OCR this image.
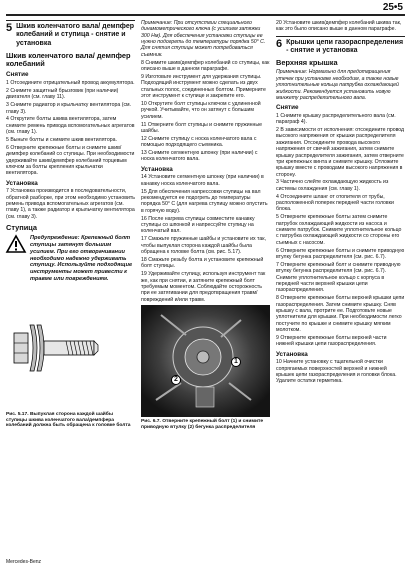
25•5
5 Шкив коленчатого вала/ демпфер колебаний и ступица - снятие и установка
Шкив коленчатого вала/ демпфер колебаний
Снятие

1 Отсоедините отрицательный провод аккумулятора.

2 Снимите защитный брызговик (при наличии) двигателя (см. главу 11).

3 Снимите радиатор и крыльчатку вентилятора (см. главу 3).

4 Открутите болты шкива вентилятора, затем снимите ремень привода вспомогательных агрегатов (см. главу 1).

5 Выньте болты и снимите шкив вентилятора.

6 Отверните крепежные болты и снимите шкив/демпфер колебаний со ступицы. При необходимости удерживайте шкив/демпфер колебаний торцевым ключом за болты крепления крыльчатки вентилятора.

Установка

7 Установка производится в последовательности, обратной разборке, при этом необходимо установить ремень привода вспомогательных агрегатов (см. главу 1), а также радиатор и крыльчатку вентилятора (см. главу 3).

Ступица
Предупреждение: Крепежный болт ступицы затянут большим усилием. При его отворачивании необходимо надежно удерживать ступицу. Используйте подходящие инструменты может привести к травме или повреждениям.
Рис. 5.17. Выпуклая сторона каждой шайбы ступицы шкива коленчатого вала/демпфера колебаний должна быть обращена к головке болта

Примечание: При отсутствии специального динамометрического ключа (с усилием затяжки 300 Нм). Для обеспечения установки ступицы ее нужно подогреть до температуры порядка 50° С. Для снятия ступицы может потребоваться съемник.

8 Снимите шкив/демпфер колебаний со ступицы, как описано выше в данном параграфе.

9 Изготовьте инструмент для удержания ступицы. Подходящий инструмент можно сделать из двух стальных полос, соединенных болтом. Примерните этот инструмент к ступице и закрепите его.

10 Открутите болт ступицы ключом с удлиненной ручкой. Учитывайте, что он затянут с большим усилием.

11 Отверните болт ступицы и снимите пружинные шайбы.

12 Снимите ступицу с носка коленчатого вала с помощью подходящего съемника.

13 Снимите сегментную шпонку (при наличии) с носка коленчатого вала.

Установка

14 Установите сегментную шпонку (при наличии) в канавку носка коленчатого вала.

15 Для обеспечения напрессовки ступицы на вал рекомендуется ее подогреть до температуры порядка 50° С (для нагрева ступицу можно опустить в горячую воду).

16 После нагрева ступицы совместите канавку ступицы со шпонкой и напрессуйте ступицу на коленчатый вал.

17 Смажьте пружинные шайбы и установите их так, чтобы выпуклая сторона каждой шайбы была обращена к головке болта (см. рис. 5.17).

18 Смажьте резьбу болта и установите крепежный болт ступицы.

19 Удерживайте ступицу, используя инструмент так же, как при снятии, и затяните крепежный болт требуемым моментом. Соблюдайте осторожность при ее затягивании для предотвращения травм/повреждений и/или травм.

1
2
Рис. 6.7. Отверните крепежный болт (1) и снимите приводную втулку (2) бегунка распределителя

20 Установите шкив/демпфер колебаний шкива так, как это было описано выше в данном параграфе.

6 Крышки цепи газораспределения - снятие и установка
Верхняя крышка

Примечание: Нормально для предотвращения утечек при установке необходим, а также новые уплотнительные кольца патрубка охлаждающей жидкости. Рекомендуется установить новую манжету распределительного вала.

Снятие

1 Снимите крышку распределительного вала (см. параграф 4).

2 В зависимости от исполнения: отсоедините провод высокого напряжения от крышки распределителя зажигания. Отсоедините провода высокого напряжения от свечей зажигания, затем снимите крышку распределителя зажигания, затем отверните три крепежных винта и снимите крышку. Отложите крышку вместе с проводами высокого напряжения в сторону.

3 Частично слейте охлаждающую жидкость из системы охлаждения (см. главу 1).

4 Отсоедините шланг от отопителя от трубы, расположенной поперек передней части головки блока.

5 Отверните крепежные болты затем снимите патрубок охлаждающей жидкости из насоса и снимите патрубок. Снимите уплотнительное кольцо с патрубка охлаждающей жидкости со стороны его съемных с насосом.

6 Отверните крепежные болты и снимите приводную втулку бегунка распределителя (см. рис. 6.7).

7 Отверните крепежный болт и снимите приводную втулку бегунка распределителя (см. рис. 6.7). Снимите уплотнительное кольцо с корпуса в передней части верхней крышки цепи газораспределения.

8 Отверните крепежные болты верхней крышки цепи газораспределения. Затем снимите крышку. Сняв крышку с вала, протрите ее. Подготовьте новые уплотнители для крышки. При необходимости легко постучите по крышке и снимите крышку мягким молотком.

9 Отверните крепежные болты верхней части нижней крышки цепи газораспределения.

Установка

10 Начните установку с тщательной очистки сопрягаемых поверхностей верхней и нижней крышек цепи газораспределения и головки блока. Удалите остатки герметика.

Mercedes-Benz
